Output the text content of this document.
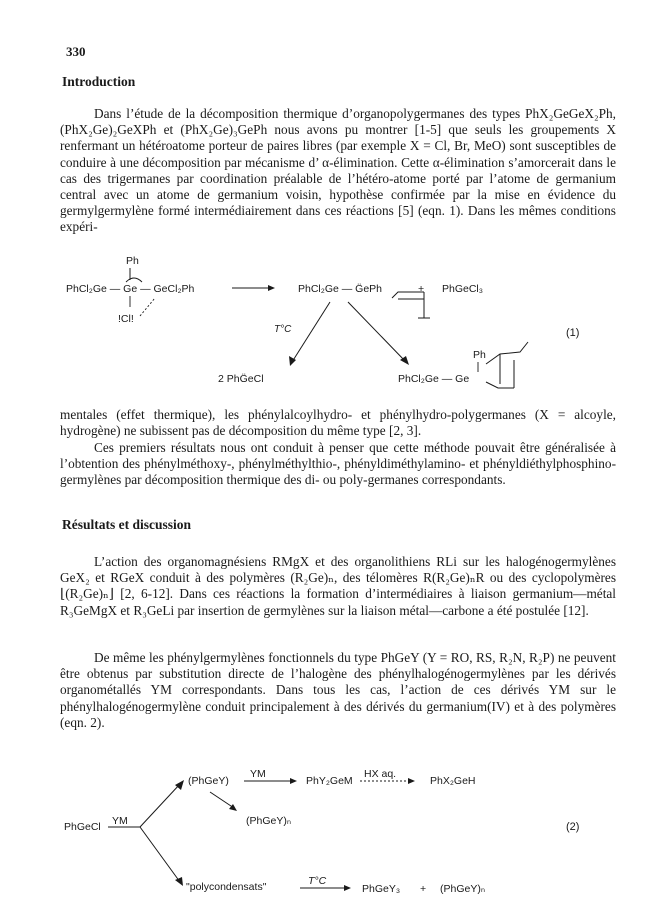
330
Introduction

Dans l’étude de la décomposition thermique d’organopolygermanes des types PhX₂GeGeX₂Ph, (PhX₂Ge)₂GeXPh et (PhX₂Ge)₃GePh nous avons pu montrer [1-5] que seuls les groupements X renfermant un hétéroatome porteur de paires libres (par exemple X = Cl, Br, MeO) sont susceptibles de conduire à une décomposition par mécanisme d’ α-élimination. Cette α-élimination s’amorcerait dans le cas des trigermanes par coordination préalable de l’hétéro-atome porté par l’atome de germanium central avec un atome de germanium voisin, hypothèse confirmée par la mise en évidence du germylgermylène formé intermédiairement dans ces réactions [5] (eqn. 1). Dans les mêmes conditions expéri-

Ph
PhCl₂Ge — Ge — GeCl₂Ph
!Cl!
PhCl₂Ge — G̈ePh	+ PhGeCl₃
T°C	(1)
2 PhG̈eCl
Ph
PhCl₂Ge — Ge

mentales (effet thermique), les phénylalcoylhydro- et phénylhydro-polygermanes (X = alcoyle, hydrogène) ne subissent pas de décomposition du même type [2, 3].

Ces premiers résultats nous ont conduit à penser que cette méthode pouvait être généralisée à l’obtention des phénylméthoxy-, phénylméthylthio-, phényldiméthylamino- et phényldiéthylphosphino-germylènes par décomposition thermique des di- ou poly-germanes correspondants.

Résultats et discussion

L’action des organomagnésiens RMgX et des organolithiens RLi sur les halogénogermylènes GeX₂ et RGeX conduit à des polymères (R₂Ge)ₙ, des télomères R(R₂Ge)ₙR ou des cyclopolymères ⌊(R₂Ge)ₙ⌋ [2, 6-12]. Dans ces réactions la formation d’intermédiaires à liaison germanium—métal R₃GeMgX et R₃GeLi par insertion de germylènes sur la liaison métal—carbone a été postulée [12].

De même les phénylgermylènes fonctionnels du type PhGeY (Y = RO, RS, R₂N, R₂P) ne peuvent être obtenus par substitution directe de l’halogène des phénylhalogénogermylènes par les dérivés organométallés YM correspondants. Dans tous les cas, l’action de ces dérivés YM sur le phénylhalogénogermylène conduit principalement à des dérivés du germanium(IV) et à des polymères (eqn. 2).

PhGeCl YM
(PhGeY)
YM
PhY₂GeM
HX aq.
PhX₂GeH
(PhGeY)ₙ	(2)
"polycondensats"	T°C
PhGeY₃ + (PhGeY)ₙ
